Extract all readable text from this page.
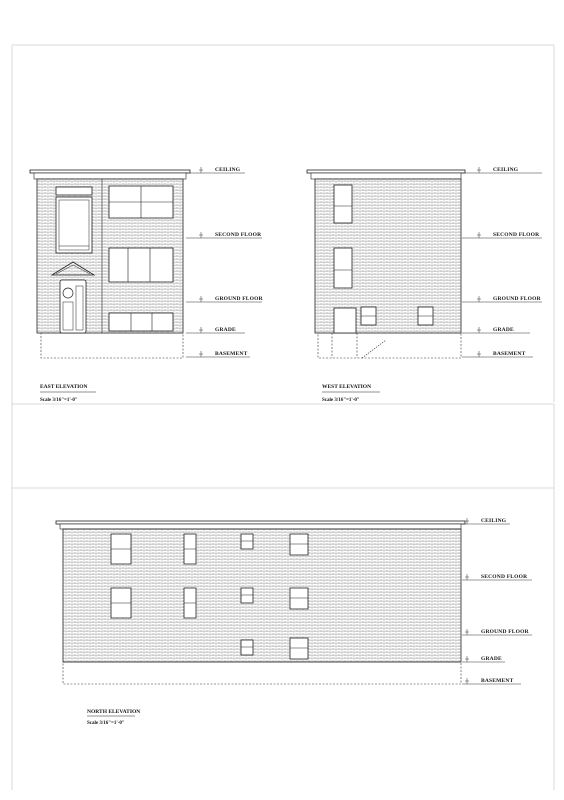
CEILING
SECOND FLOOR
GROUND FLOOR
GRADE
BASEMENT
EAST ELEVATION
Scale 3/16"=1'-0"
CEILING
SECOND FLOOR
GROUND FLOOR
GRADE
BASEMENT
WEST ELEVATION
Scale 3/16"=1'-0"
CEILING
SECOND FLOOR
GROUND FLOOR
GRADE
BASEMENT
NORTH ELEVATION
Scale 3/16"=1'-0"
